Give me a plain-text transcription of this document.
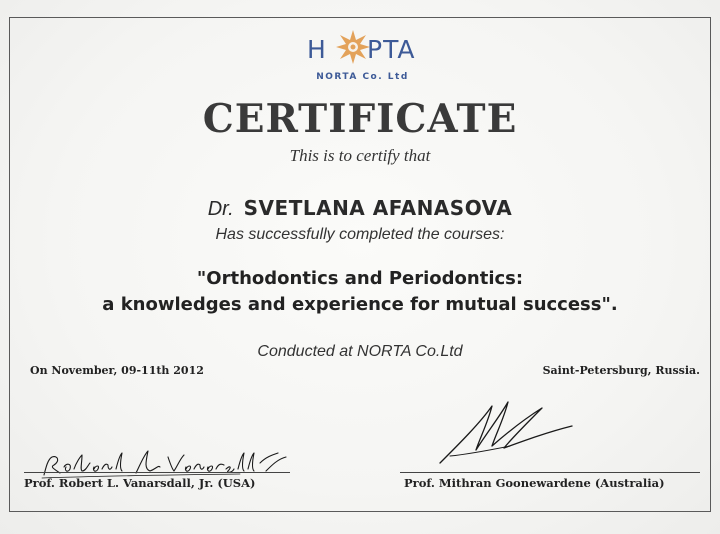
H PTA
NORTA Co. Ltd
CERTIFICATE
This is to certify that
Dr. SVETLANA AFANASOVA
Has successfully completed the courses:
"Orthodontics and Periodontics:
a knowledges and experience for mutual success".
Conducted at NORTA Co.Ltd
On November, 09-11th 2012	Saint-Petersburg, Russia.
Prof. Robert L. Vanarsdall, Jr. (USA)	Prof. Mithran Goonewardene (Australia)
